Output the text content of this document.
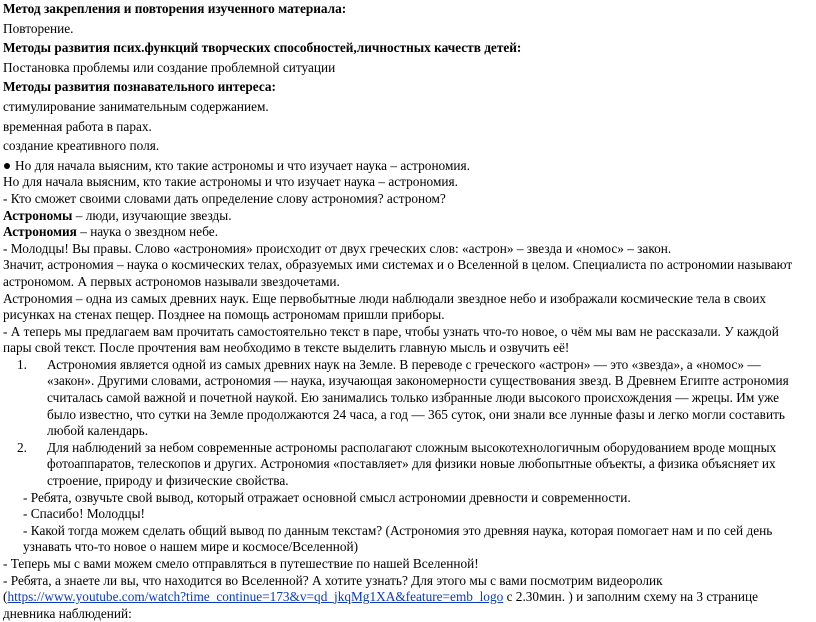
Метод закрепления и повторения изученного материала:
Повторение.
Методы развития псих.функций творческих способностей,личностных качеств детей:
Постановка проблемы или создание проблемной ситуации
Методы развития познавательного интереса:
стимулирование занимательным содержанием.
временная работа в парах.
создание креативного поля.
Но для начала выясним, кто такие астрономы и что изучает наука – астрономия.
Но для начала выясним, кто такие астрономы и что изучает наука – астрономия.
- Кто сможет своими словами дать определение слову астрономия? астроном?
Астрономы – люди, изучающие звезды.
Астрономия – наука о звездном небе.
- Молодцы! Вы правы. Слово «астрономия» происходит от двух греческих слов: «астрон» – звезда и «номос» – закон.
Значит, астрономия – наука о космических телах, образуемых ими системах и о Вселенной в целом. Специалиста по астрономии называют астрономом. А первых астрономов называли звездочетами.
Астрономия – одна из самых древних наук. Еще первобытные люди наблюдали звездное небо и изображали космические тела в своих рисунках на стенах пещер. Позднее на помощь астрономам пришли приборы.
- А теперь мы предлагаем вам прочитать самостоятельно текст в паре, чтобы узнать что-то новое, о чём мы вам не рассказали. У каждой пары свой текст. После прочтения вам необходимо в тексте выделить главную мысль и озвучить её!
1. Астрономия является одной из самых древних наук на Земле. В переводе с греческого «астрон» — это «звезда», а «номос» — «закон». Другими словами, астрономия — наука, изучающая закономерности существования звезд. В Древнем Египте астрономия считалась самой важной и почетной наукой. Ею занимались только избранные люди высокого происхождения — жрецы. Им уже было известно, что сутки на Земле продолжаются 24 часа, а год — 365 суток, они знали все лунные фазы и легко могли составить любой календарь.
2. Для наблюдений за небом современные астрономы располагают сложным высокотехнологичным оборудованием вроде мощных фотоаппаратов, телескопов и других. Астрономия «поставляет» для физики новые любопытные объекты, а физика объясняет их строение, природу и физические свойства.
- Ребята, озвучьте свой вывод, который отражает основной смысл астрономии древности и современности.
- Спасибо! Молодцы!
- Какой тогда можем сделать общий вывод по данным текстам? (Астрономия это древняя наука, которая помогает нам и по сей день узнавать что-то новое о нашем мире и космосе/Вселенной)
- Теперь мы с вами можем смело отправляться в путешествие по нашей Вселенной!
- Ребята, а знаете ли вы, что находится во Вселенной? А хотите узнать? Для этого мы с вами посмотрим видеоролик (https://www.youtube.com/watch?time_continue=173&v=qd_jkqMg1XA&feature=emb_logo с 2.30мин. ) и заполним схему на 3 странице дневника наблюдений:
